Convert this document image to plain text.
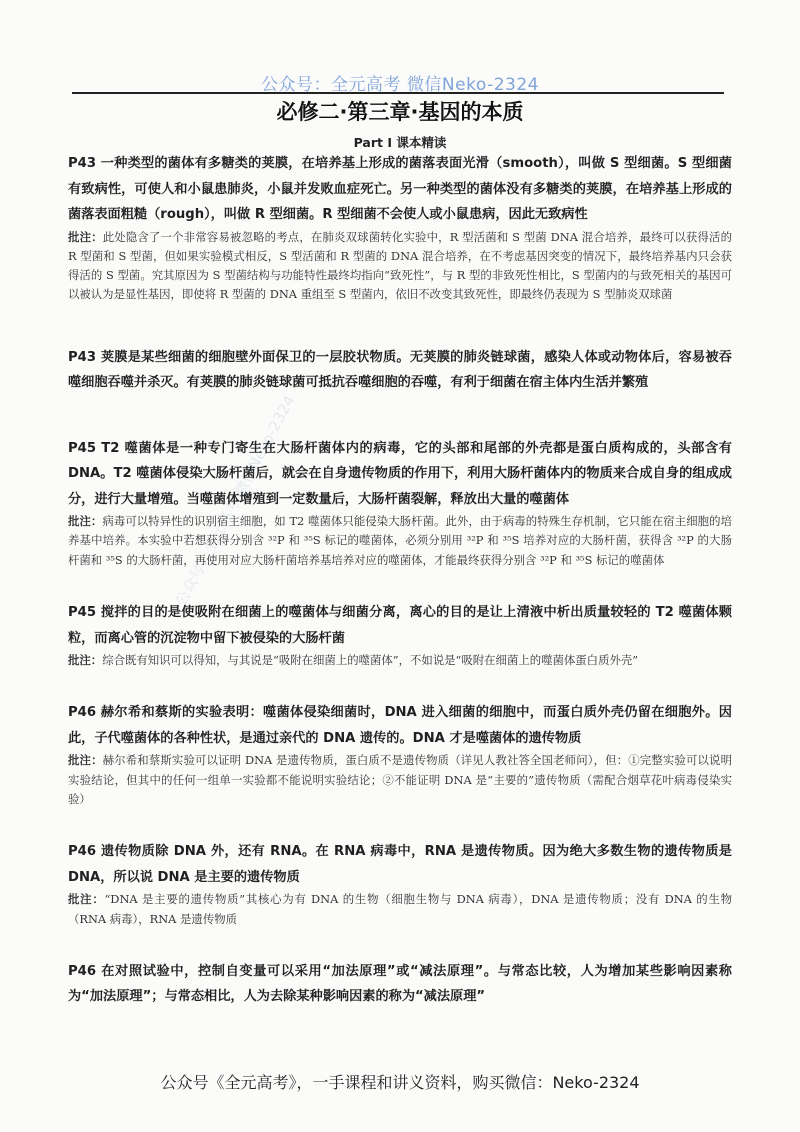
公众号：全元高考 微信Neko-2324
必修二·第三章·基因的本质
Part I 课本精读

P43 一种类型的菌体有多糖类的荚膜，在培养基上形成的菌落表面光滑（smooth），叫做 S 型细菌。S 型细菌有致病性，可使人和小鼠患肺炎，小鼠并发败血症死亡。另一种类型的菌体没有多糖类的荚膜，在培养基上形成的菌落表面粗糙（rough），叫做 R 型细菌。R 型细菌不会使人或小鼠患病，因此无致病性

批注：此处隐含了一个非常容易被忽略的考点，在肺炎双球菌转化实验中，R 型活菌和 S 型菌 DNA 混合培养，最终可以获得活的 R 型菌和 S 型菌，但如果实验模式相反，S 型活菌和 R 型菌的 DNA 混合培养，在不考虑基因突变的情况下，最终培养基内只会获得活的 S 型菌。究其原因为 S 型菌结构与功能特性最终均指向“致死性”，与 R 型的非致死性相比，S 型菌内的与致死相关的基因可以被认为是显性基因，即使将 R 型菌的 DNA 重组至 S 型菌内，依旧不改变其致死性，即最终仍表现为 S 型肺炎双球菌

P43 荚膜是某些细菌的细胞壁外面保卫的一层胶状物质。无荚膜的肺炎链球菌，感染人体或动物体后，容易被吞噬细胞吞噬并杀灭。有荚膜的肺炎链球菌可抵抗吞噬细胞的吞噬，有利于细菌在宿主体内生活并繁殖

P45 T2 噬菌体是一种专门寄生在大肠杆菌体内的病毒，它的头部和尾部的外壳都是蛋白质构成的，头部含有 DNA。T2 噬菌体侵染大肠杆菌后，就会在自身遗传物质的作用下，利用大肠杆菌体内的物质来合成自身的组成成分，进行大量增殖。当噬菌体增殖到一定数量后，大肠杆菌裂解，释放出大量的噬菌体

批注：病毒可以特异性的识别宿主细胞，如 T2 噬菌体只能侵染大肠杆菌。此外，由于病毒的特殊生存机制，它只能在宿主细胞的培养基中培养。本实验中若想获得分别含 ³²P 和 ³⁵S 标记的噬菌体，必须分别用 ³²P 和 ³⁵S 培养对应的大肠杆菌，获得含 ³²P 的大肠杆菌和 ³⁵S 的大肠杆菌，再使用对应大肠杆菌培养基培养对应的噬菌体，才能最终获得分别含 ³²P 和 ³⁵S 标记的噬菌体

P45 搅拌的目的是使吸附在细菌上的噬菌体与细菌分离，离心的目的是让上清液中析出质量较轻的 T2 噬菌体颗粒，而离心管的沉淀物中留下被侵染的大肠杆菌

批注：综合既有知识可以得知，与其说是“吸附在细菌上的噬菌体”，不如说是“吸附在细菌上的噬菌体蛋白质外壳”

P46 赫尔希和蔡斯的实验表明：噬菌体侵染细菌时，DNA 进入细菌的细胞中，而蛋白质外壳仍留在细胞外。因此，子代噬菌体的各种性状，是通过亲代的 DNA 遗传的。DNA 才是噬菌体的遗传物质

批注：赫尔希和蔡斯实验可以证明 DNA 是遗传物质，蛋白质不是遗传物质（详见人教社答全国老师问），但：①完整实验可以说明实验结论，但其中的任何一组单一实验都不能说明实验结论；②不能证明 DNA 是“主要的”遗传物质（需配合烟草花叶病毒侵染实验）

P46 遗传物质除 DNA 外，还有 RNA。在 RNA 病毒中，RNA 是遗传物质。因为绝大多数生物的遗传物质是 DNA，所以说 DNA 是主要的遗传物质

批注：“DNA 是主要的遗传物质”其核心为有 DNA 的生物（细胞生物与 DNA 病毒），DNA 是遗传物质；没有 DNA 的生物（RNA 病毒），RNA 是遗传物质

P46 在对照试验中，控制自变量可以采用“加法原理”或“减法原理”。与常态比较，人为增加某些影响因素称为“加法原理”；与常态相比，人为去除某种影响因素的称为“减法原理”

公众号：全元高考 微信Neko-2324
公众号《全元高考》，一手课程和讲义资料，购买微信：Neko-2324
